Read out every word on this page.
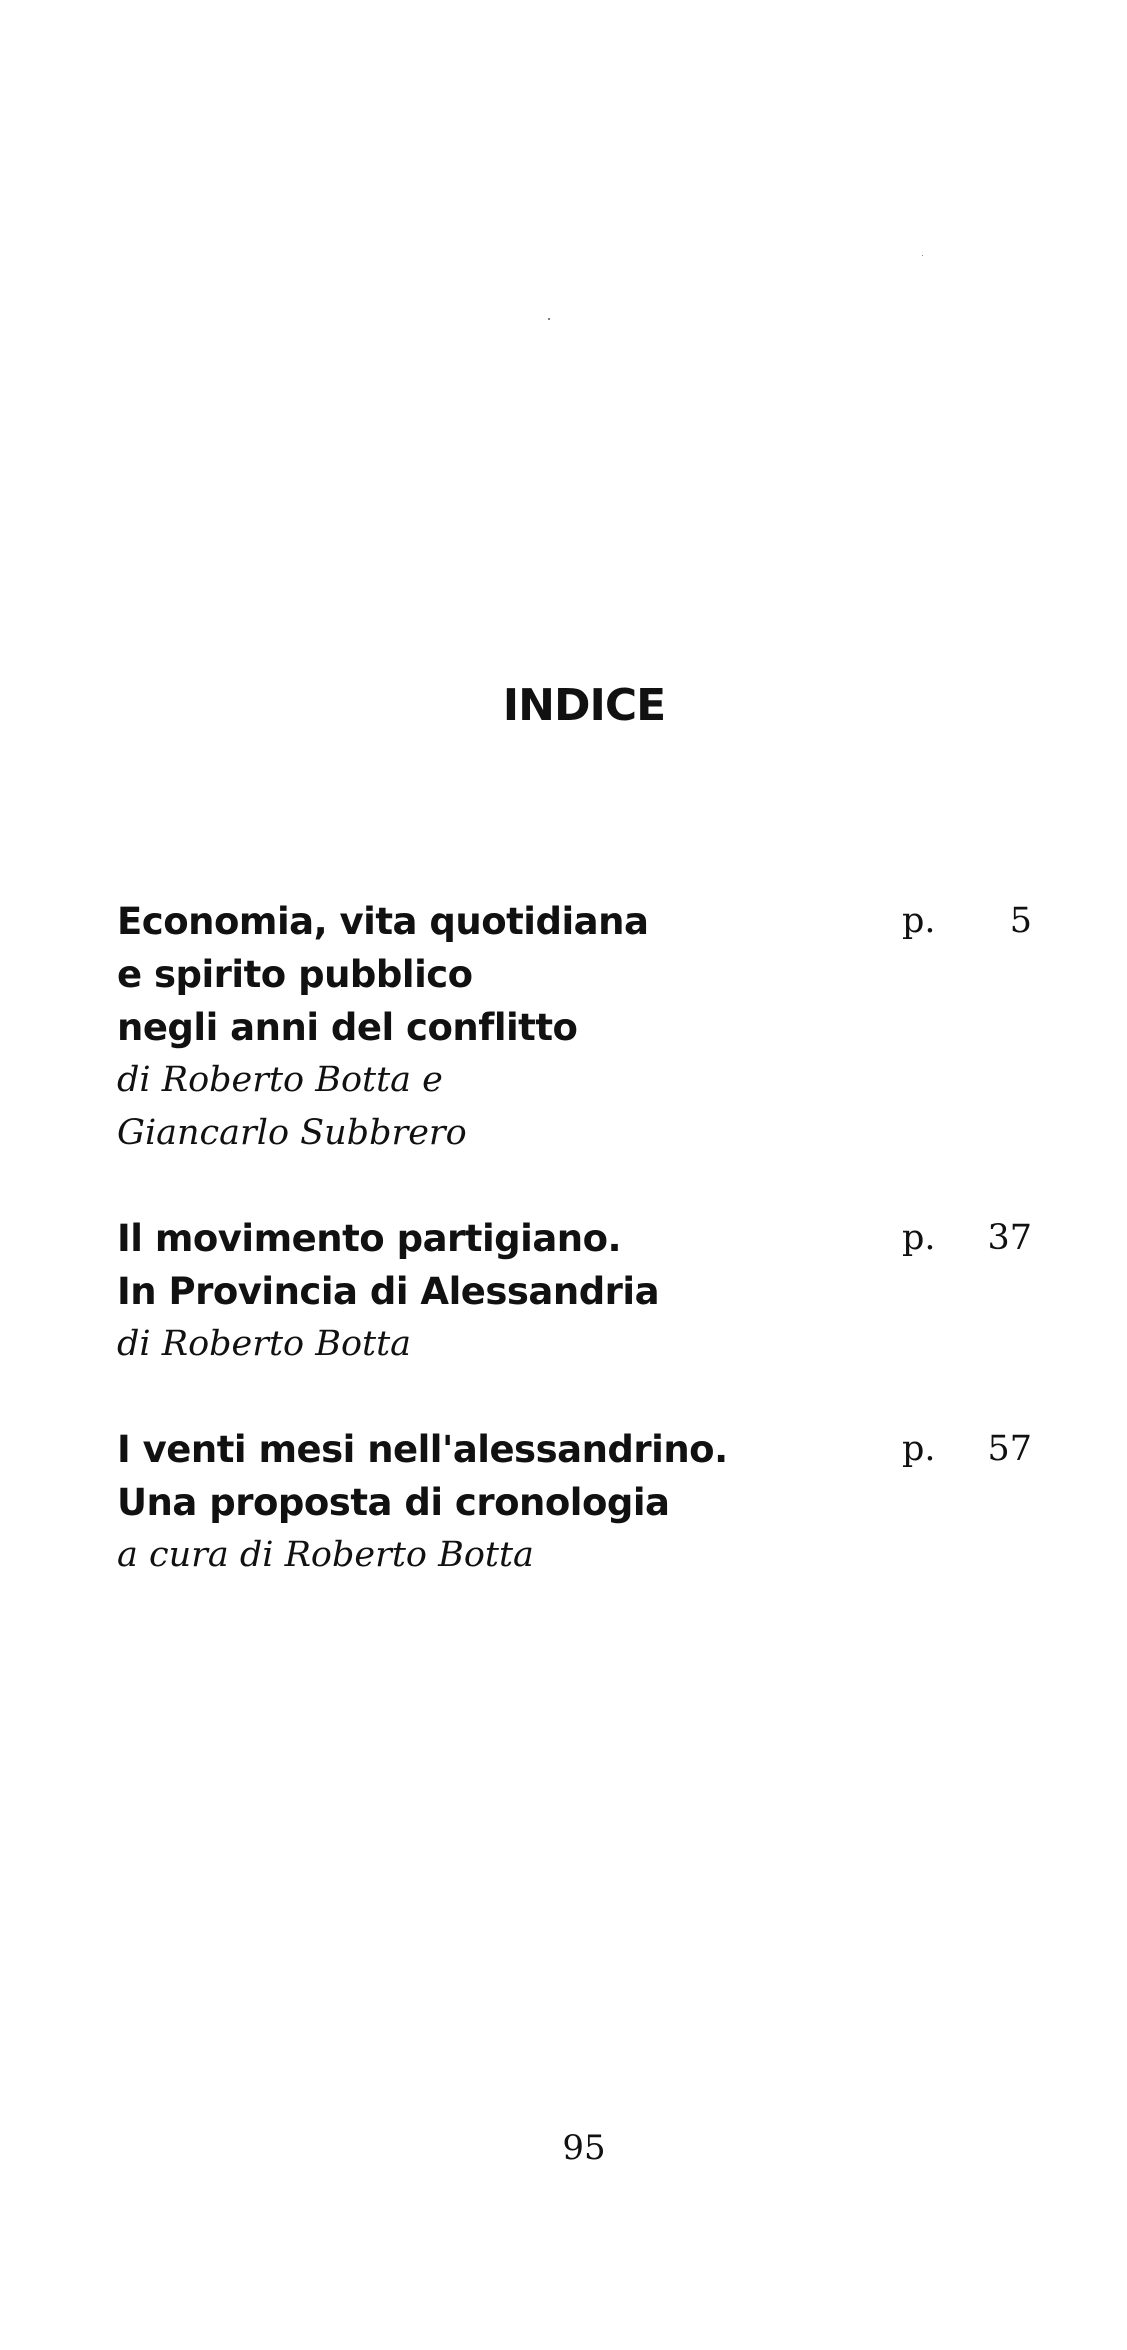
INDICE
Economia, vita quotidiana
e spirito pubblico
negli anni del conflitto
di Roberto Botta e
Giancarlo Subbrero
p. 5
Il movimento partigiano.
In Provincia di Alessandria
di Roberto Botta
p. 37
I venti mesi nell'alessandrino.
Una proposta di cronologia
a cura di Roberto Botta
p. 57
95
